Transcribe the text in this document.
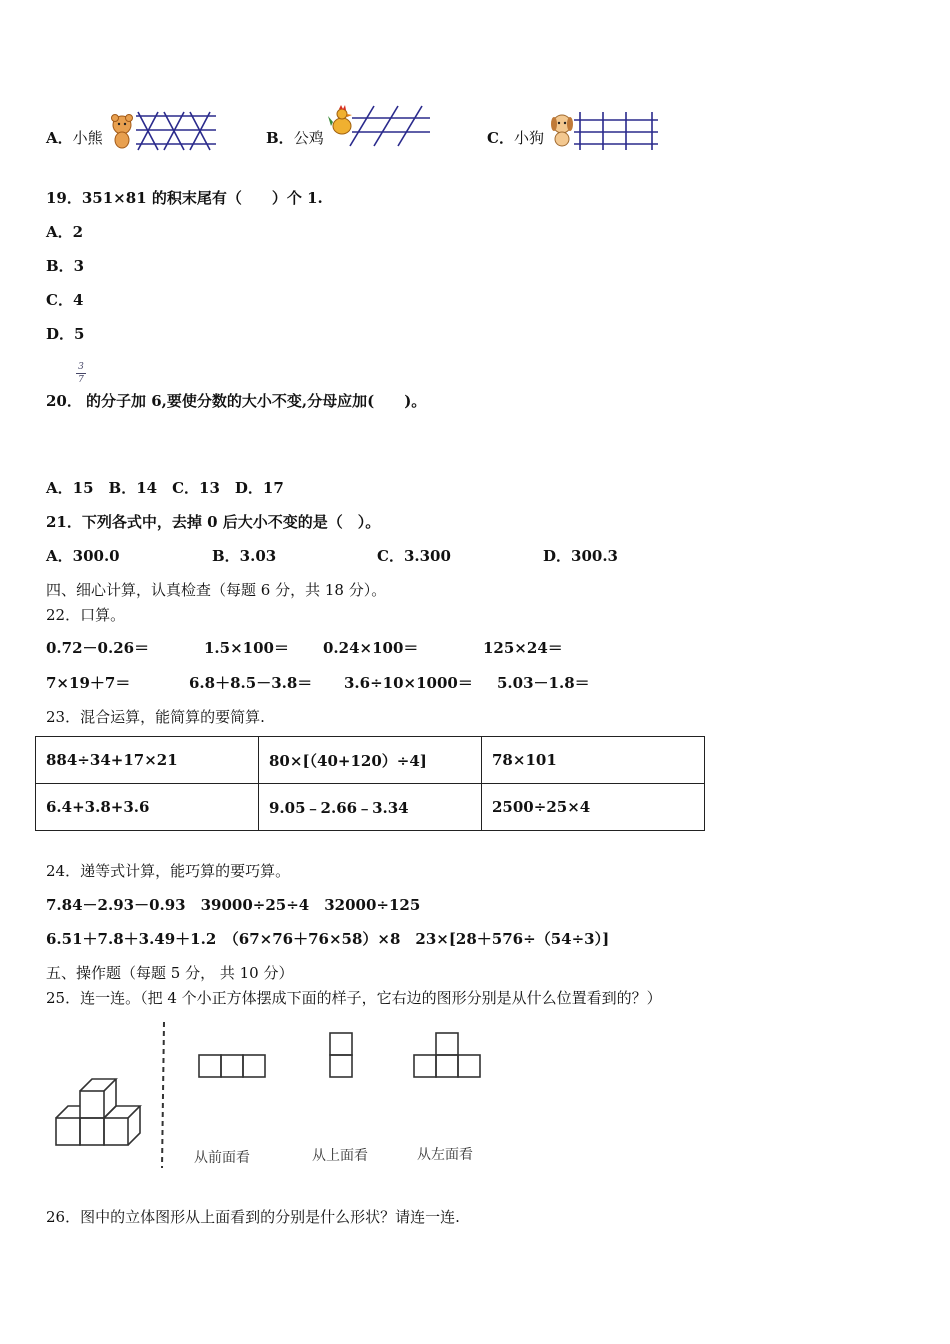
A．小熊	B．公鸡	C．小狗
19．351×81 的积末尾有（　　）个 1.
A．2
B．3
C．4
D．5
20．
3
7
的分子加 6,要使分数的大小不变,分母应加(　　)。
A．15　B．14　C．13　D．17
21．下列各式中，去掉 0 后大小不变的是（　）。
A．300.0	B．3.03	C．3.300	D．300.3
四、细心计算，认真检查（每题 6 分，共 18 分）。
22．口算。
0.72－0.26＝	1.5×100＝ 0.24×100＝	125×24＝
7×19＋7＝	6.8＋8.5－3.8＝ 3.6÷10×1000＝ 5.03－1.8＝
23．混合运算，能简算的要简算.
884÷34+17×21	80×[（40+120）÷4]	78×101
6.4+3.8+3.6	9.05﹣2.66﹣3.34	2500÷25×4
24．递等式计算，能巧算的要巧算。
7.84－2.93－0.93　39000÷25÷4　32000÷125
6.51＋7.8＋3.49＋1.2　（67×76＋76×58）×8　23×[28＋576÷（54÷3）]
五、操作题（每题 5 分， 共 10 分）
25．连一连。（把 4 个小正方体摆成下面的样子，它右边的图形分别是从什么位置看到的？）
从前面看	从上面看	从左面看
26．图中的立体图形从上面看到的分别是什么形状？请连一连.
